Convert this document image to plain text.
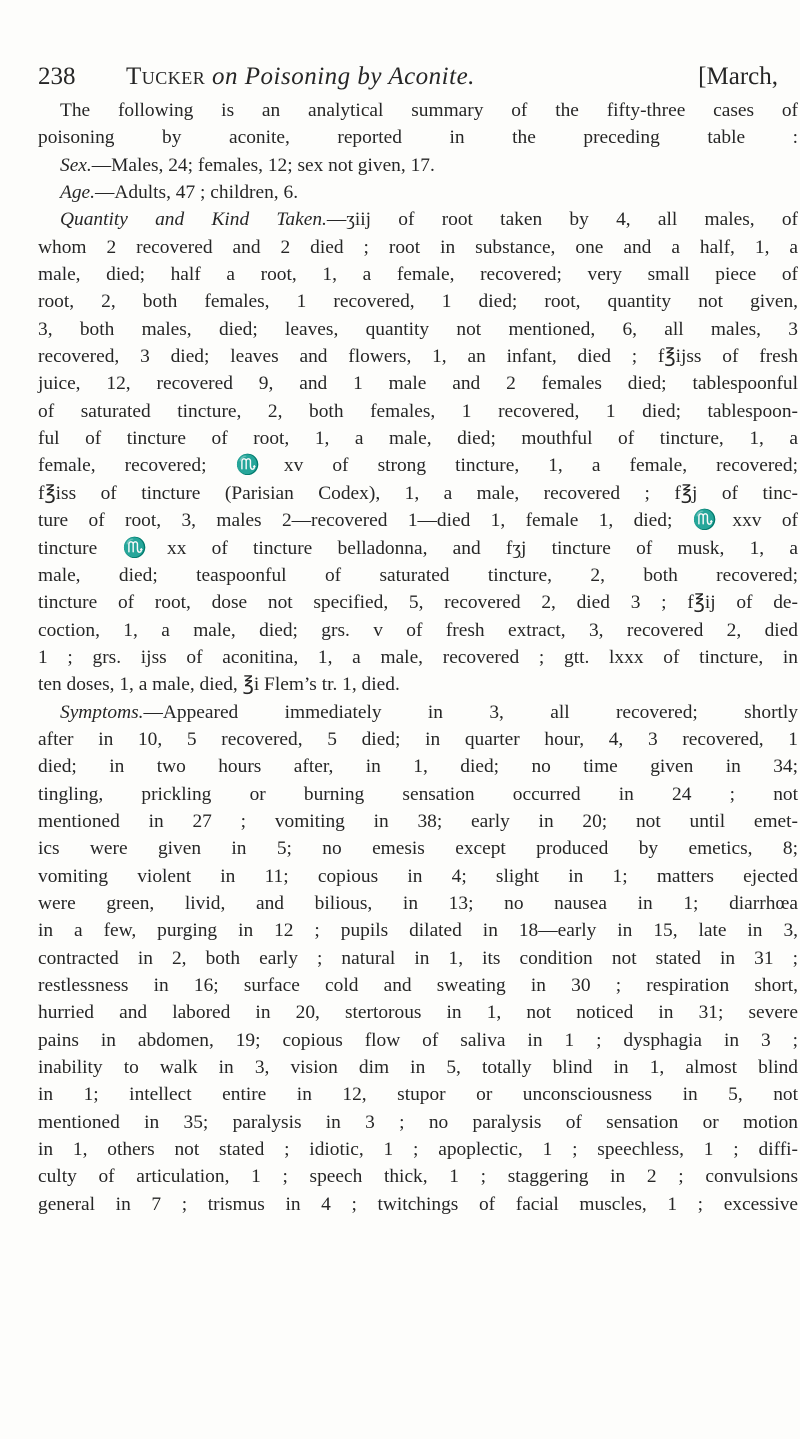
238 Tucker on Poisoning by Aconite.	[March,
The following is an analytical summary of the fifty-three cases of
poisoning by aconite, reported in the preceding table :
Sex.—Males, 24; females, 12; sex not given, 17.
Age.—Adults, 47 ; children, 6.
Quantity and Kind Taken.—ʒiij of root taken by 4, all males, of
whom 2 recovered and 2 died ; root in substance, one and a half, 1, a
male, died; half a root, 1, a female, recovered; very small piece of
root, 2, both females, 1 recovered, 1 died; root, quantity not given,
3, both males, died; leaves, quantity not mentioned, 6, all males, 3
recovered, 3 died; leaves and flowers, 1, an infant, died ; f℥ijss of fresh
juice, 12, recovered 9, and 1 male and 2 females died; tablespoonful
of saturated tincture, 2, both females, 1 recovered, 1 died; tablespoon-
ful of tincture of root, 1, a male, died; mouthful of tincture, 1, a
female, recovered; ♏xv of strong tincture, 1, a female, recovered;
f℥iss of tincture (Parisian Codex), 1, a male, recovered ; f℥j of tinc-
ture of root, 3, males 2—recovered 1—died 1, female 1, died; ♏xxv of
tincture ♏xx of tincture belladonna, and fʒj tincture of musk, 1, a
male, died; teaspoonful of saturated tincture, 2, both recovered;
tincture of root, dose not specified, 5, recovered 2, died 3 ; f℥ij of de-
coction, 1, a male, died; grs. v of fresh extract, 3, recovered 2, died
1 ; grs. ijss of aconitina, 1, a male, recovered ; gtt. lxxx of tincture, in
ten doses, 1, a male, died, ℥i Flem’s tr. 1, died.
Symptoms.—Appeared immediately in 3, all recovered; shortly
after in 10, 5 recovered, 5 died; in quarter hour, 4, 3 recovered, 1
died; in two hours after, in 1, died; no time given in 34;
tingling, prickling or burning sensation occurred in 24 ; not
mentioned in 27 ; vomiting in 38; early in 20; not until emet-
ics were given in 5; no emesis except produced by emetics, 8;
vomiting violent in 11; copious in 4; slight in 1; matters ejected
were green, livid, and bilious, in 13; no nausea in 1; diarrhœa
in a few, purging in 12 ; pupils dilated in 18—early in 15, late in 3,
contracted in 2, both early ; natural in 1, its condition not stated in 31 ;
restlessness in 16; surface cold and sweating in 30 ; respiration short,
hurried and labored in 20, stertorous in 1, not noticed in 31; severe
pains in abdomen, 19; copious flow of saliva in 1 ; dysphagia in 3 ;
inability to walk in 3, vision dim in 5, totally blind in 1, almost blind
in 1; intellect entire in 12, stupor or unconsciousness in 5, not
mentioned in 35; paralysis in 3 ; no paralysis of sensation or motion
in 1, others not stated ; idiotic, 1 ; apoplectic, 1 ; speechless, 1 ; diffi-
culty of articulation, 1 ; speech thick, 1 ; staggering in 2 ; convulsions
general in 7 ; trismus in 4 ; twitchings of facial muscles, 1 ; excessive
